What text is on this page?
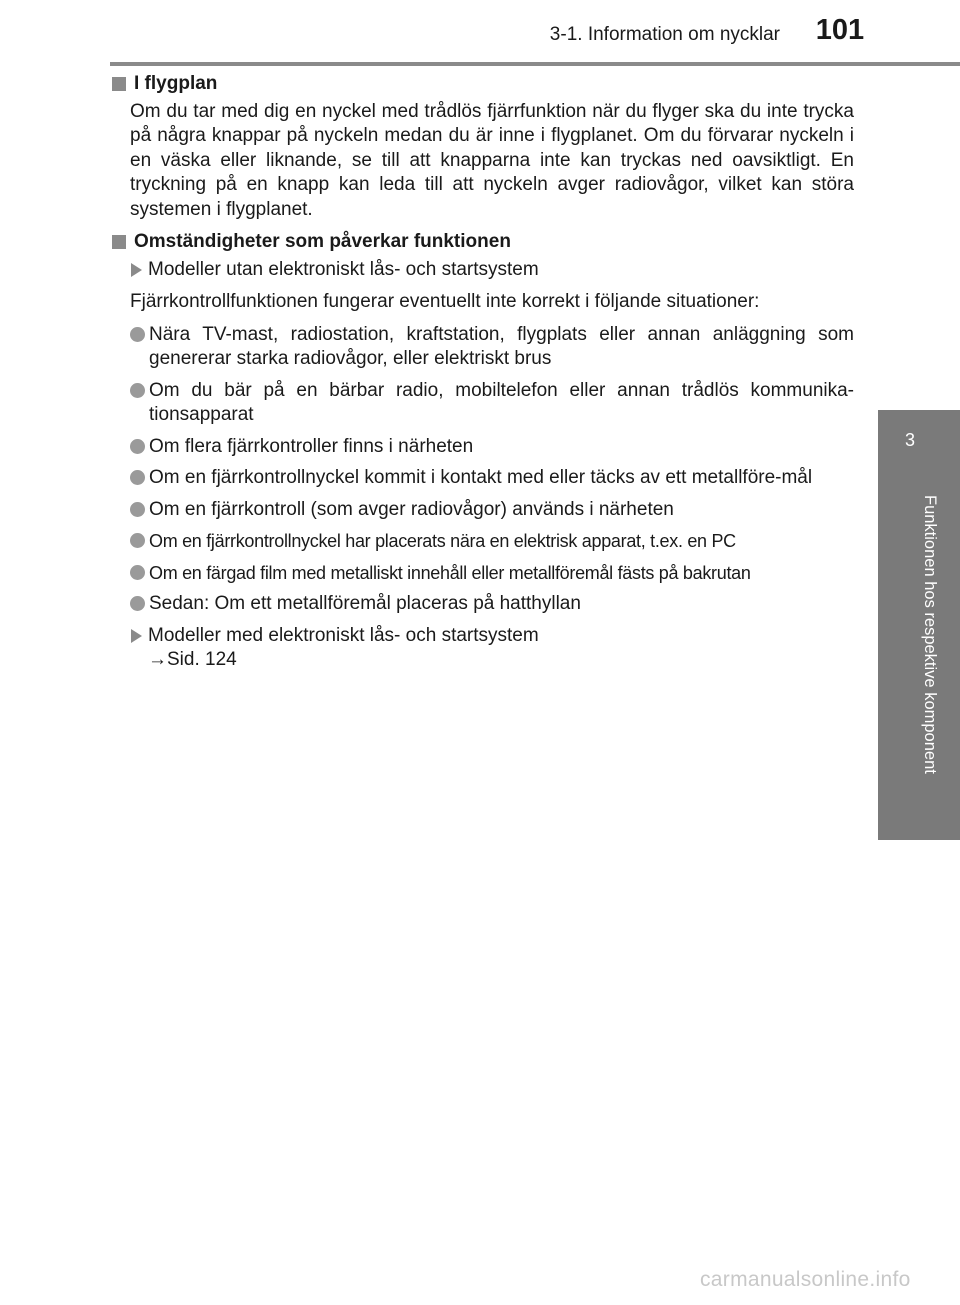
3-1. Information om nycklar	101
3
Funktionen hos respektive komponent
I flygplan
Om du tar med dig en nyckel med trådlös fjärrfunktion när du flyger ska du inte trycka på några knappar på nyckeln medan du är inne i flygplanet. Om du förvarar nyckeln i en väska eller liknande, se till att knapparna inte kan tryckas ned oavsiktligt. En tryckning på en knapp kan leda till att nyckeln avger radiovågor, vilket kan störa systemen i flygplanet.
Omständigheter som påverkar funktionen
Modeller utan elektroniskt lås- och startsystem
Fjärrkontrollfunktionen fungerar eventuellt inte korrekt i följande situationer:
Nära TV-mast, radiostation, kraftstation, flygplats eller annan anläggning som genererar starka radiovågor, eller elektriskt brus
Om du bär på en bärbar radio, mobiltelefon eller annan trådlös kommunika-tionsapparat
Om flera fjärrkontroller finns i närheten
Om en fjärrkontrollnyckel kommit i kontakt med eller täcks av ett metallföre-mål
Om en fjärrkontroll (som avger radiovågor) används i närheten
Om en fjärrkontrollnyckel har placerats nära en elektrisk apparat, t.ex. en PC
Om en färgad film med metalliskt innehåll eller metallföremål fästs på bakrutan
Sedan: Om ett metallföremål placeras på hatthyllan
Modeller med elektroniskt lås- och startsystem
→Sid. 124
carmanualsonline.info
